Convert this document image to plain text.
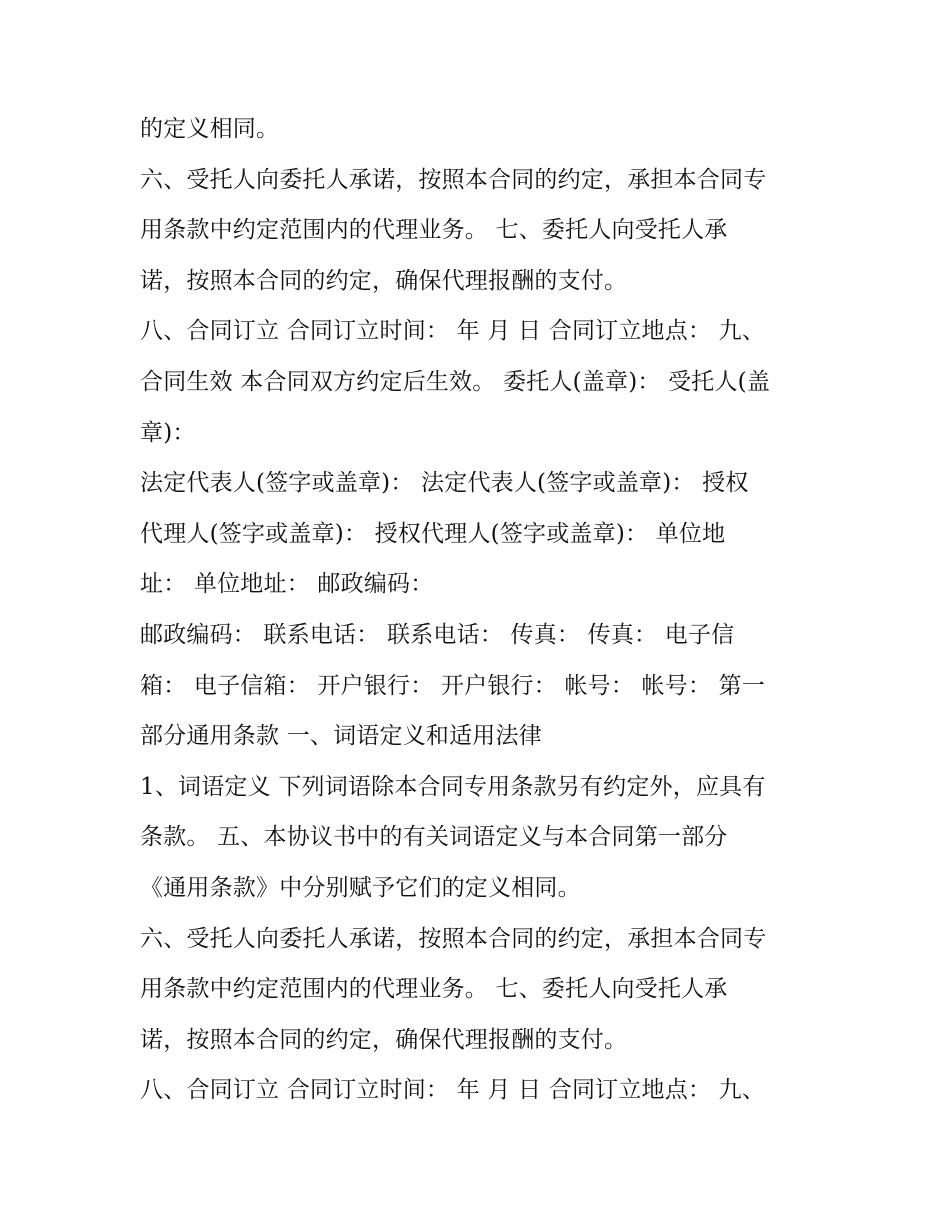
的定义相同。
六、受托人向委托人承诺，按照本合同的约定，承担本合同专
用条款中约定范围内的代理业务。 七、委托人向受托人承
诺，按照本合同的约定，确保代理报酬的支付。
八、合同订立 合同订立时间： 年 月 日 合同订立地点： 九、
合同生效 本合同双方约定后生效。 委托人(盖章)： 受托人(盖
章)：
法定代表人(签字或盖章)： 法定代表人(签字或盖章)： 授权
代理人(签字或盖章)： 授权代理人(签字或盖章)： 单位地
址： 单位地址： 邮政编码：
邮政编码： 联系电话： 联系电话： 传真： 传真： 电子信
箱： 电子信箱： 开户银行： 开户银行： 帐号： 帐号： 第一
部分通用条款 一、词语定义和适用法律
1、词语定义 下列词语除本合同专用条款另有约定外，应具有
条款。 五、本协议书中的有关词语定义与本合同第一部分
《通用条款》中分别赋予它们的定义相同。
六、受托人向委托人承诺，按照本合同的约定，承担本合同专
用条款中约定范围内的代理业务。 七、委托人向受托人承
诺，按照本合同的约定，确保代理报酬的支付。
八、合同订立 合同订立时间： 年 月 日 合同订立地点： 九、
